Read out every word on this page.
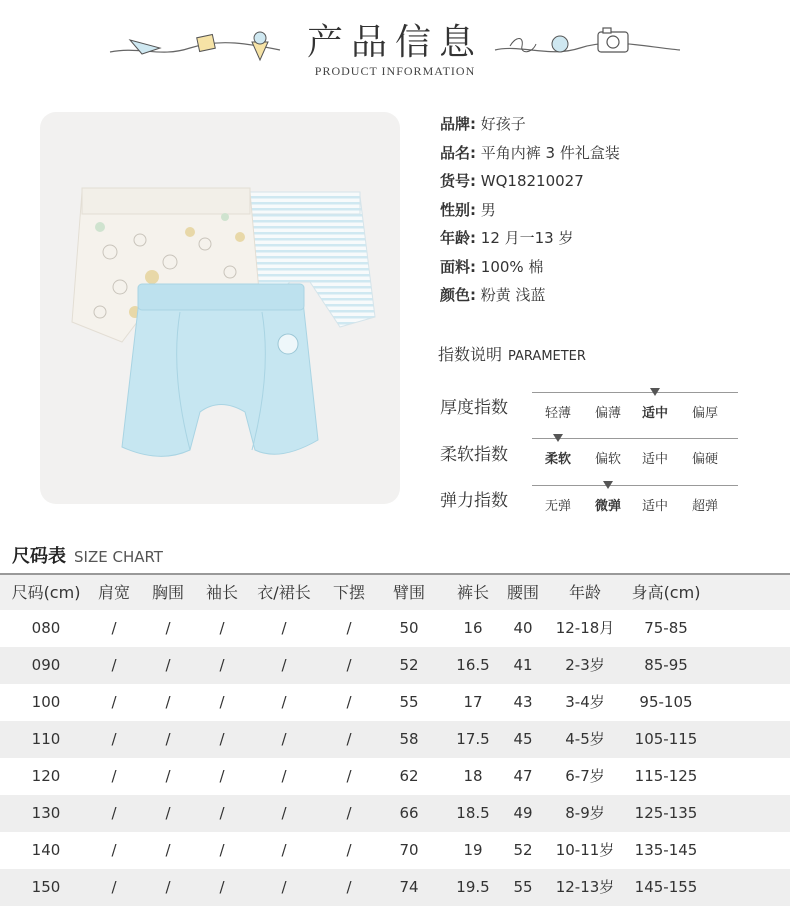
产品信息
PRODUCT INFORMATION
品牌: 好孩子
品名: 平角内裤 3 件礼盒装
货号: WQ18210027
性别: 男
年龄: 12 月一13 岁
面料: 100% 棉
颜色: 粉黄 浅蓝
指数说明 PARAMETER
厚度指数	轻薄	偏薄	适中	偏厚
柔软指数	柔软	偏软	适中	偏硬
弹力指数	无弹	微弹	适中	超弹
尺码表 SIZE CHART
尺码(cm)	肩宽	胸围	袖长	衣/裙长	下摆	臂围	裤长	腰围	年龄	身高(cm)
080	/	/	/	/	/	50	16	40	12-18月	75-85
090	/	/	/	/	/	52	16.5	41	2-3岁	85-95
100	/	/	/	/	/	55	17	43	3-4岁	95-105
110	/	/	/	/	/	58	17.5	45	4-5岁	105-115
120	/	/	/	/	/	62	18	47	6-7岁	115-125
130	/	/	/	/	/	66	18.5	49	8-9岁	125-135
140	/	/	/	/	/	70	19	52	10-11岁	135-145
150	/	/	/	/	/	74	19.5	55	12-13岁	145-155
